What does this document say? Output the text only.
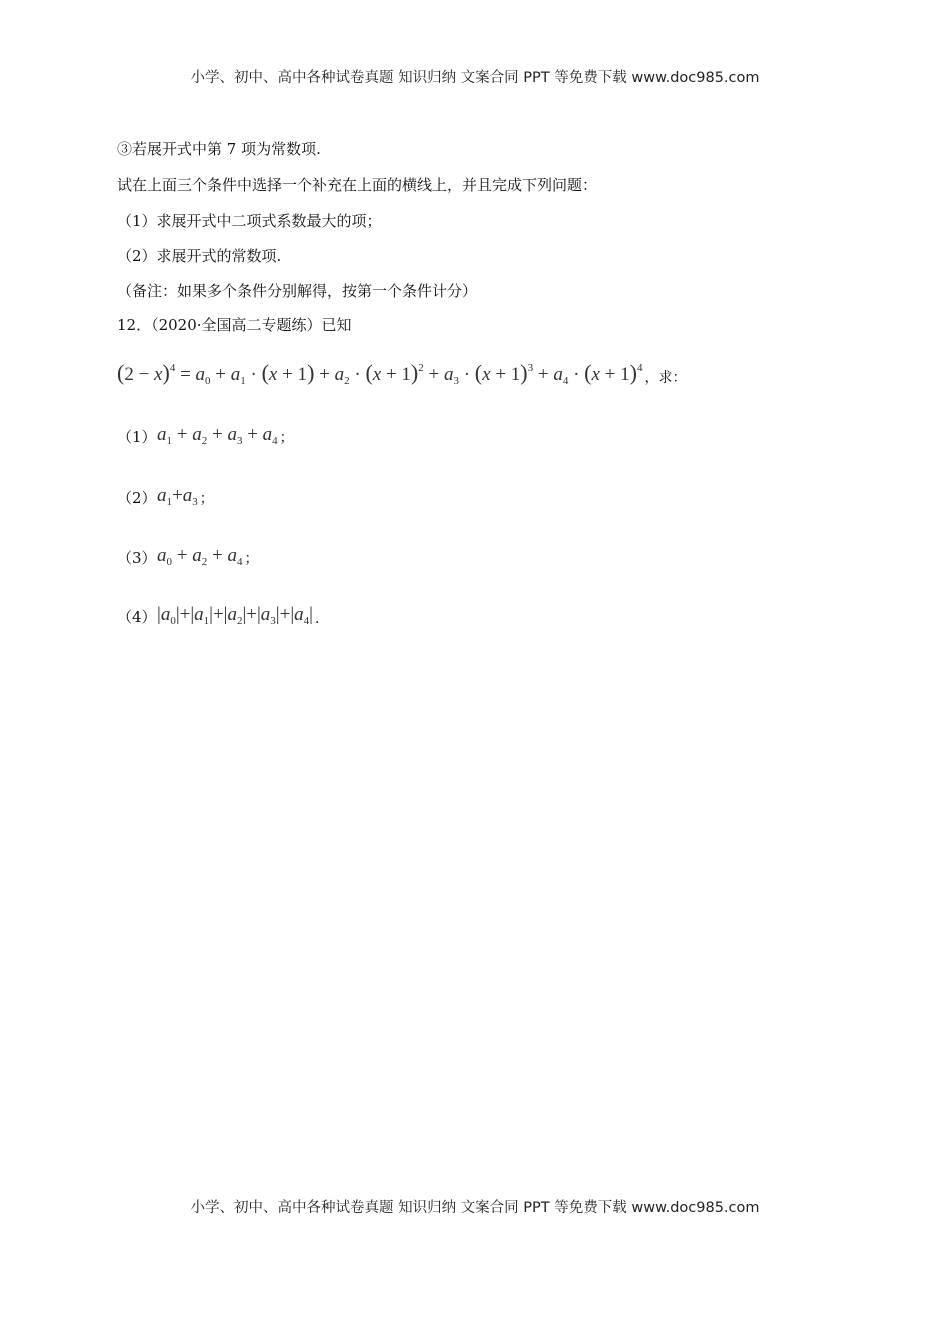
小学、初中、高中各种试卷真题 知识归纳 文案合同 PPT 等免费下载 www.doc985.com
③若展开式中第 7 项为常数项.
试在上面三个条件中选择一个补充在上面的横线上，并且完成下列问题：
（1）求展开式中二项式系数最大的项；
（2）求展开式的常数项.
（备注：如果多个条件分别解得，按第一个条件计分）
12．（2020·全国高二专题练）已知
$(2 - x)^4 = a_0 + a_1 \cdot (x + 1) + a_2 \cdot (x + 1)^2 + a_3 \cdot (x + 1)^3 + a_4 \cdot (x + 1)^4$
，求：
（1） $a_1 + a_2 + a_3 + a_4$ ；
（2） $a_1+a_3$ ；
（3） $a_0 + a_2 + a_4$ ；
（4） $|a_0|+|a_1|+|a_2|+|a_3|+|a_4|$ .
小学、初中、高中各种试卷真题 知识归纳 文案合同 PPT 等免费下载 www.doc985.com
